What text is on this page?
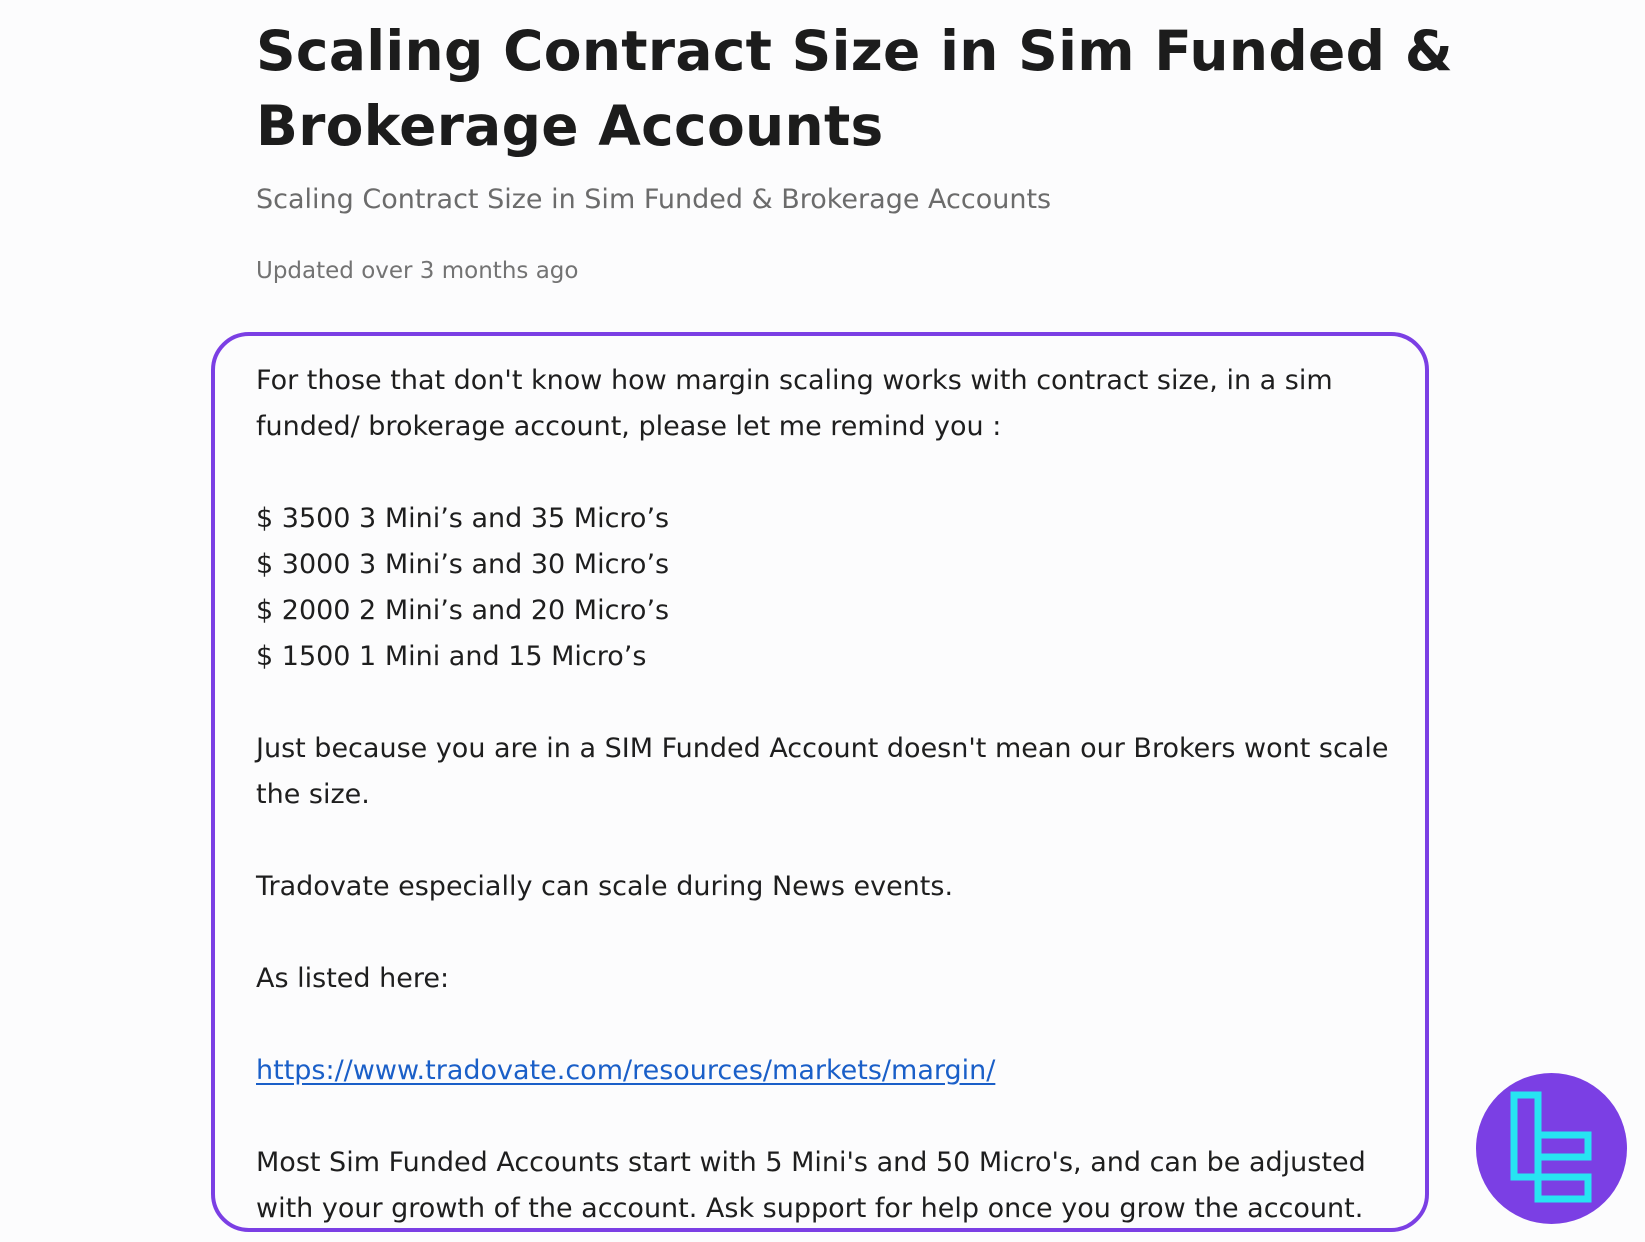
Scaling Contract Size in Sim Funded & Brokerage Accounts

Scaling Contract Size in Sim Funded & Brokerage Accounts

Updated over 3 months ago

For those that don't know how margin scaling works with contract size, in a sim funded/ brokerage account, please let me remind you :

$ 3500 3 Mini’s and 35 Micro’s

$ 3000 3 Mini’s and 30 Micro’s

$ 2000 2 Mini’s and 20 Micro’s

$ 1500 1 Mini and 15 Micro’s

Just because you are in a SIM Funded Account doesn't mean our Brokers wont scale the size.

Tradovate especially can scale during News events.

As listed here:

https://www.tradovate.com/resources/markets/margin/

Most Sim Funded Accounts start with 5 Mini's and 50 Micro's, and can be adjusted with your growth of the account. Ask support for help once you grow the account.
